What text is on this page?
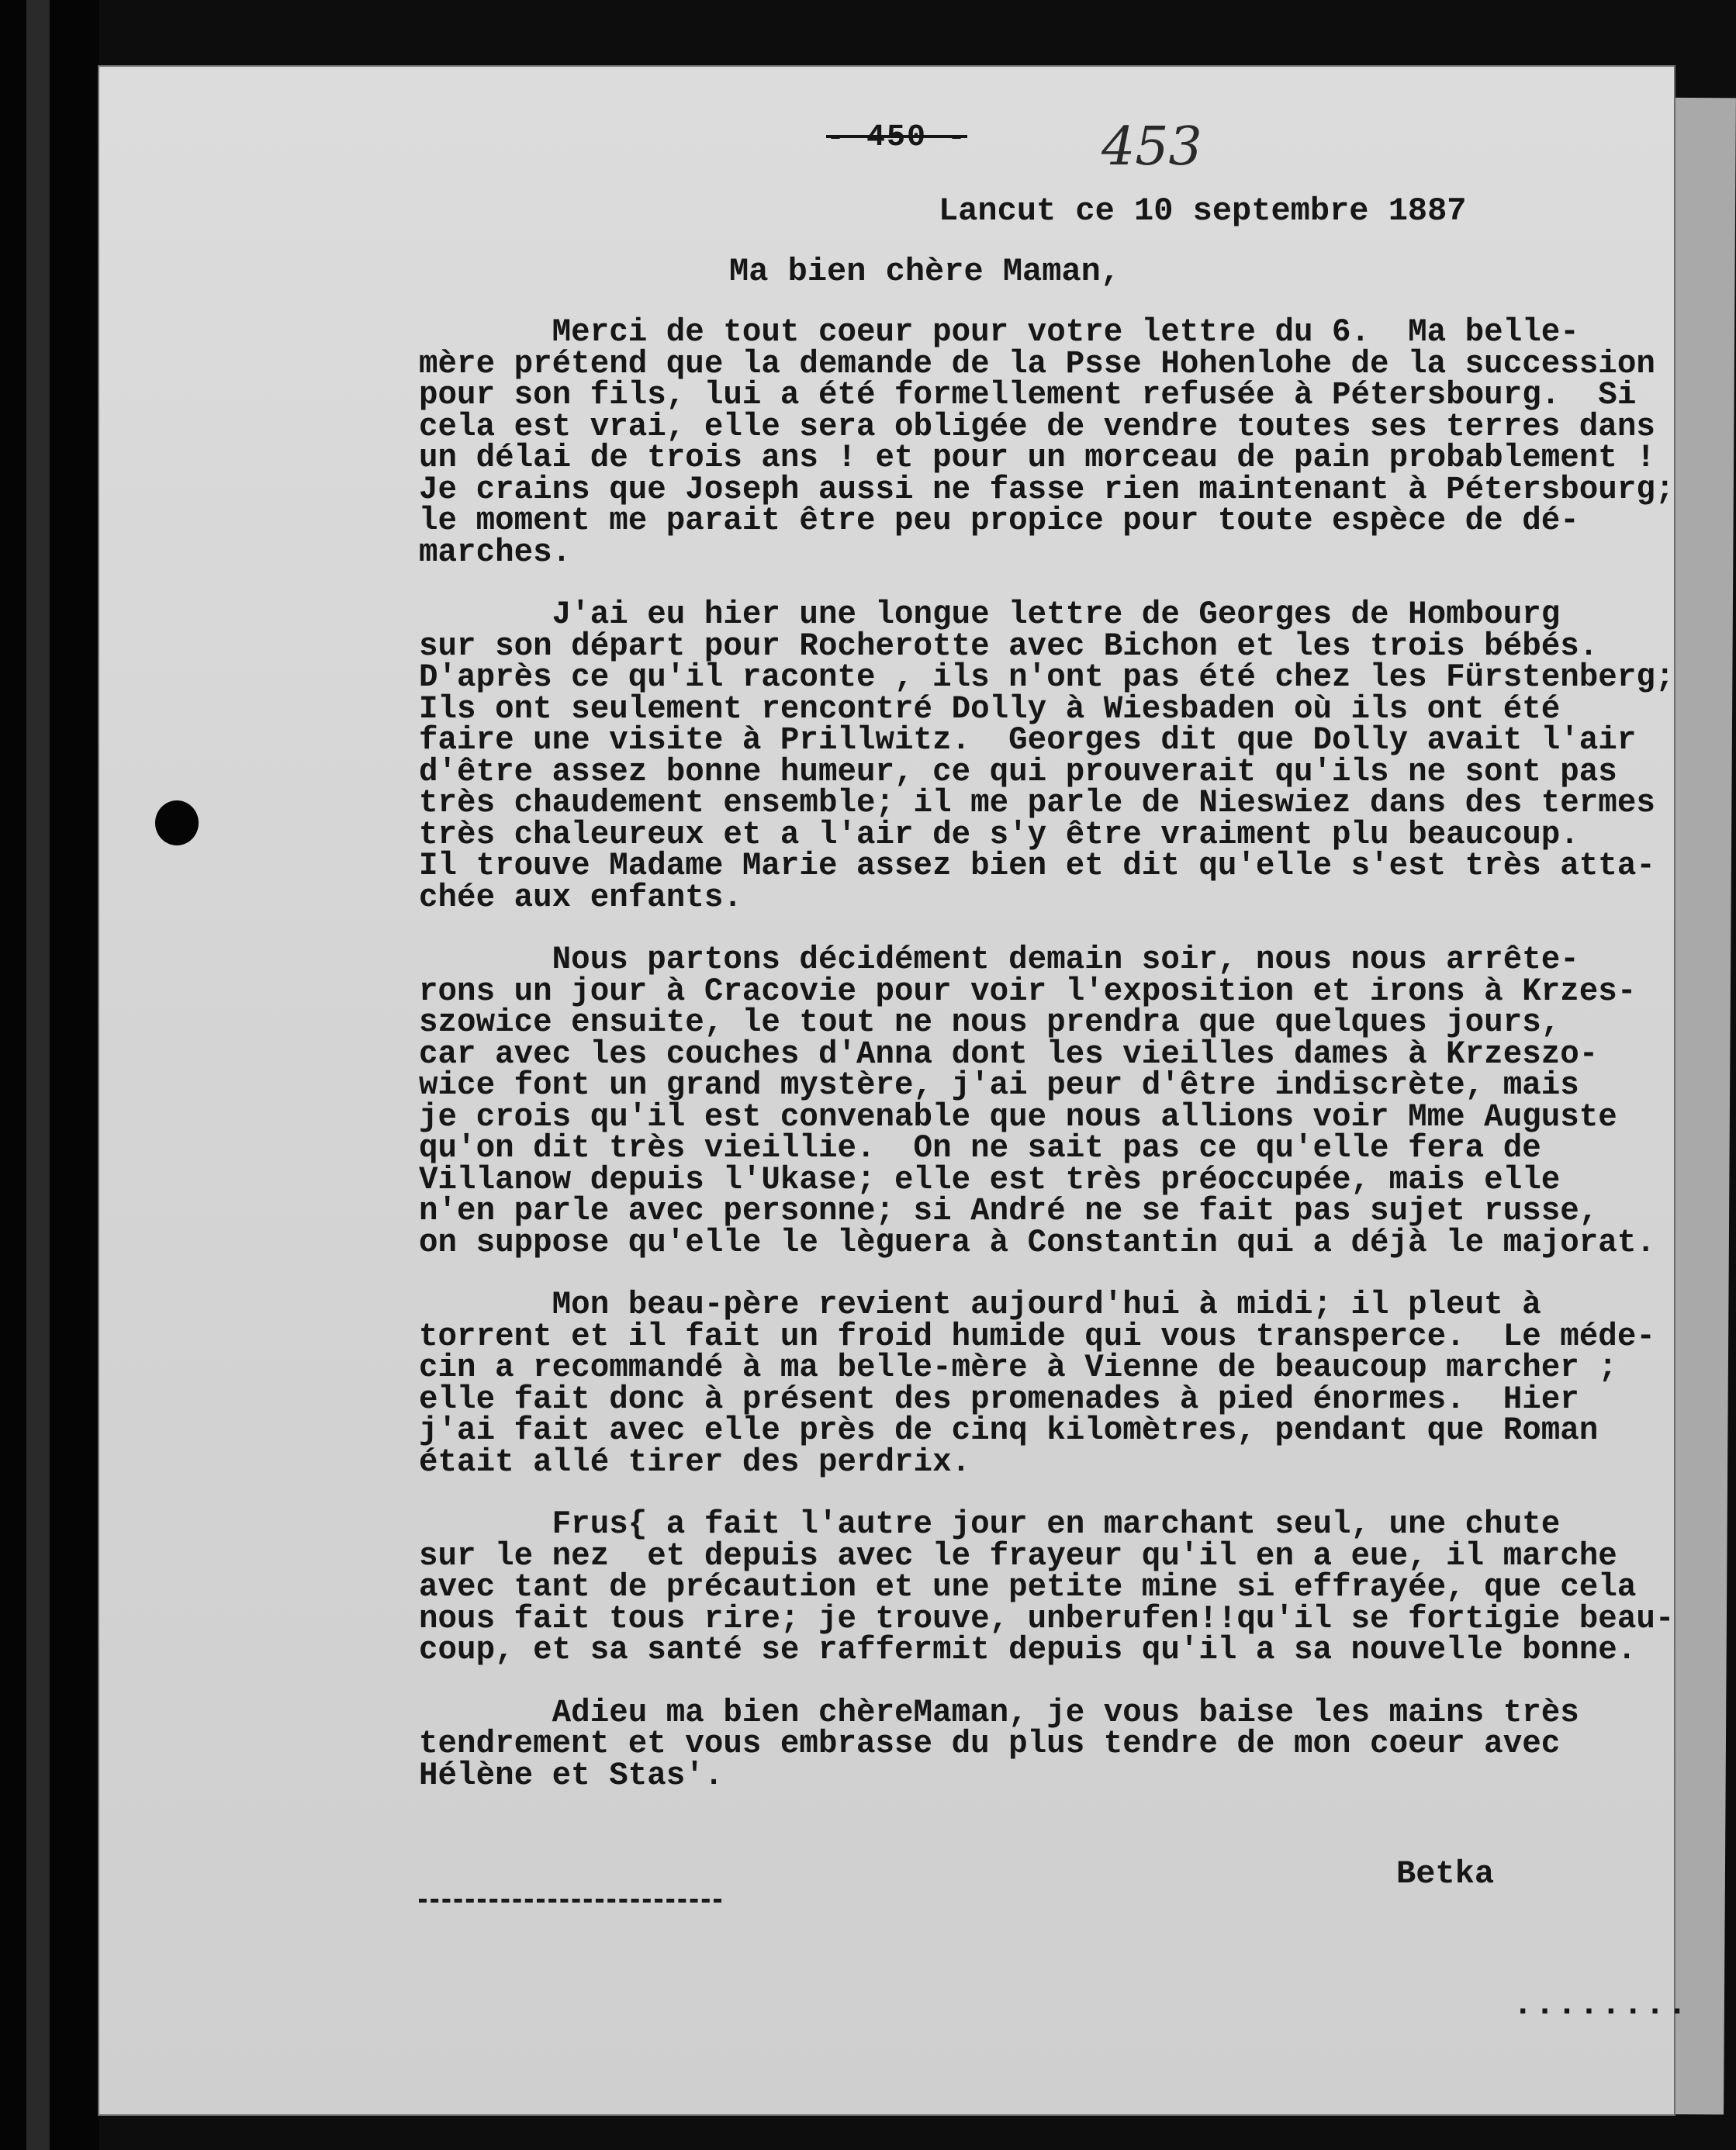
- 450 -	453
Lancut ce 10 septembre 1887
Ma bien chère Maman,
Merci de tout coeur pour votre lettre du 6.  Ma belle-
mère prétend que la demande de la Psse Hohenlohe de la succession
pour son fils, lui a été formellement refusée à Pétersbourg.  Si
cela est vrai, elle sera obligée de vendre toutes ses terres dans
un délai de trois ans ! et pour un morceau de pain probablement !
Je crains que Joseph aussi ne fasse rien maintenant à Pétersbourg;
le moment me parait être peu propice pour toute espèce de dé-
marches.
J'ai eu hier une longue lettre de Georges de Hombourg
sur son départ pour Rocherotte avec Bichon et les trois bébés.
D'après ce qu'il raconte , ils n'ont pas été chez les Fürstenberg;
Ils ont seulement rencontré Dolly à Wiesbaden où ils ont été
faire une visite à Prillwitz.  Georges dit que Dolly avait l'air
d'être assez bonne humeur, ce qui prouverait qu'ils ne sont pas
très chaudement ensemble; il me parle de Nieswiez dans des termes
très chaleureux et a l'air de s'y être vraiment plu beaucoup.
Il trouve Madame Marie assez bien et dit qu'elle s'est très atta-
chée aux enfants.
Nous partons décidément demain soir, nous nous arrête-
rons un jour à Cracovie pour voir l'exposition et irons à Krzes-
szowice ensuite, le tout ne nous prendra que quelques jours,
car avec les couches d'Anna dont les vieilles dames à Krzeszo-
wice font un grand mystère, j'ai peur d'être indiscrète, mais
je crois qu'il est convenable que nous allions voir Mme Auguste
qu'on dit très vieillie.  On ne sait pas ce qu'elle fera de
Villanow depuis l'Ukase; elle est très préoccupée, mais elle
n'en parle avec personne; si André ne se fait pas sujet russe,
on suppose qu'elle le lèguera à Constantin qui a déjà le majorat.
Mon beau-père revient aujourd'hui à midi; il pleut à
torrent et il fait un froid humide qui vous transperce.  Le méde-
cin a recommandé à ma belle-mère à Vienne de beaucoup marcher ;
elle fait donc à présent des promenades à pied énormes.  Hier
j'ai fait avec elle près de cinq kilomètres, pendant que Roman
était allé tirer des perdrix.
Frus{ a fait l'autre jour en marchant seul, une chute
sur le nez  et depuis avec le frayeur qu'il en a eue, il marche
avec tant de précaution et une petite mine si effrayée, que cela
nous fait tous rire; je trouve, unberufen!!qu'il se fortigie beau-
coup, et sa santé se raffermit depuis qu'il a sa nouvelle bonne.
Adieu ma bien chèreMaman, je vous baise les mains très
tendrement et vous embrasse du plus tendre de mon coeur avec
Hélène et Stas'.
Betka
........
